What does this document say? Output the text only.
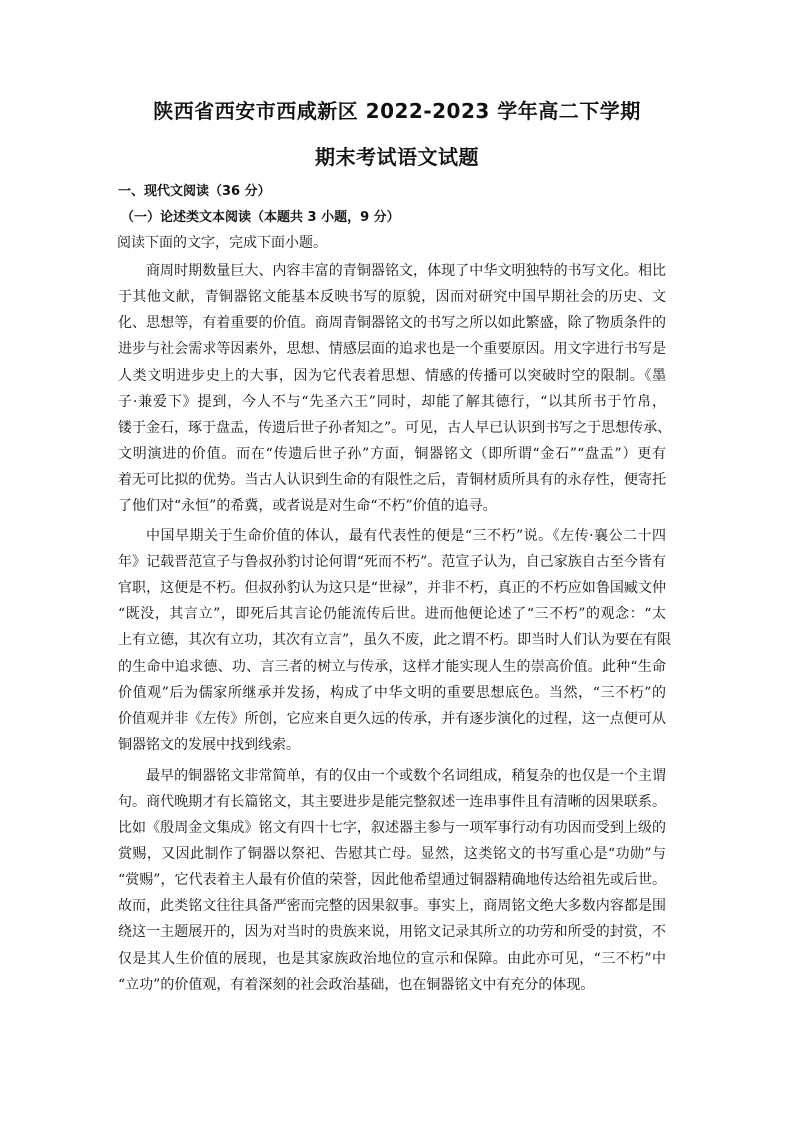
陕西省西安市西咸新区 2022-2023 学年高二下学期
期末考试语文试题
一、现代文阅读（36 分）
（一）论述类文本阅读（本题共 3 小题，9 分）
阅读下面的文字，完成下面小题。
商周时期数量巨大、内容丰富的青铜器铭文，体现了中华文明独特的书写文化。相比
于其他文献，青铜器铭文能基本反映书写的原貌，因而对研究中国早期社会的历史、文
化、思想等，有着重要的价值。商周青铜器铭文的书写之所以如此繁盛，除了物质条件的
进步与社会需求等因素外，思想、情感层面的追求也是一个重要原因。用文字进行书写是
人类文明进步史上的大事，因为它代表着思想、情感的传播可以突破时空的限制。《墨
子·兼爱下》提到，今人不与“先圣六王”同时，却能了解其德行，“以其所书于竹帛，
镂于金石，琢于盘盂，传遗后世子孙者知之”。可见，古人早已认识到书写之于思想传承、
文明演进的价值。而在“传遗后世子孙”方面，铜器铭文（即所谓“金石”“盘盂”）更有
着无可比拟的优势。当古人认识到生命的有限性之后，青铜材质所具有的永存性，便寄托
了他们对“永恒”的希冀，或者说是对生命“不朽”价值的追寻。
中国早期关于生命价值的体认，最有代表性的便是“三不朽”说。《左传·襄公二十四
年》记载晋范宣子与鲁叔孙豹讨论何谓“死而不朽”。范宣子认为，自己家族自古至今皆有
官职，这便是不朽。但叔孙豹认为这只是“世禄”，并非不朽，真正的不朽应如鲁国臧文仲
“既没，其言立”，即死后其言论仍能流传后世。进而他便论述了“三不朽”的观念：“太
上有立德，其次有立功，其次有立言”，虽久不废，此之谓不朽。即当时人们认为要在有限
的生命中追求德、功、言三者的树立与传承，这样才能实现人生的崇高价值。此种“生命
价值观”后为儒家所继承并发扬，构成了中华文明的重要思想底色。当然，“三不朽”的
价值观并非《左传》所创，它应来自更久远的传承，并有逐步演化的过程，这一点便可从
铜器铭文的发展中找到线索。
最早的铜器铭文非常简单，有的仅由一个或数个名词组成，稍复杂的也仅是一个主谓
句。商代晚期才有长篇铭文，其主要进步是能完整叙述一连串事件且有清晰的因果联系。
比如《殷周金文集成》铭文有四十七字，叙述器主参与一项军事行动有功因而受到上级的
赏赐，又因此制作了铜器以祭祀、告慰其亡母。显然，这类铭文的书写重心是“功勋”与
“赏赐”，它代表着主人最有价值的荣誉，因此他希望通过铜器精确地传达给祖先或后世。
故而，此类铭文往往具备严密而完整的因果叙事。事实上，商周铭文绝大多数内容都是围
绕这一主题展开的，因为对当时的贵族来说，用铭文记录其所立的功劳和所受的封赏，不
仅是其人生价值的展现，也是其家族政治地位的宣示和保障。由此亦可见，“三不朽”中
“立功”的价值观，有着深刻的社会政治基础，也在铜器铭文中有充分的体现。
